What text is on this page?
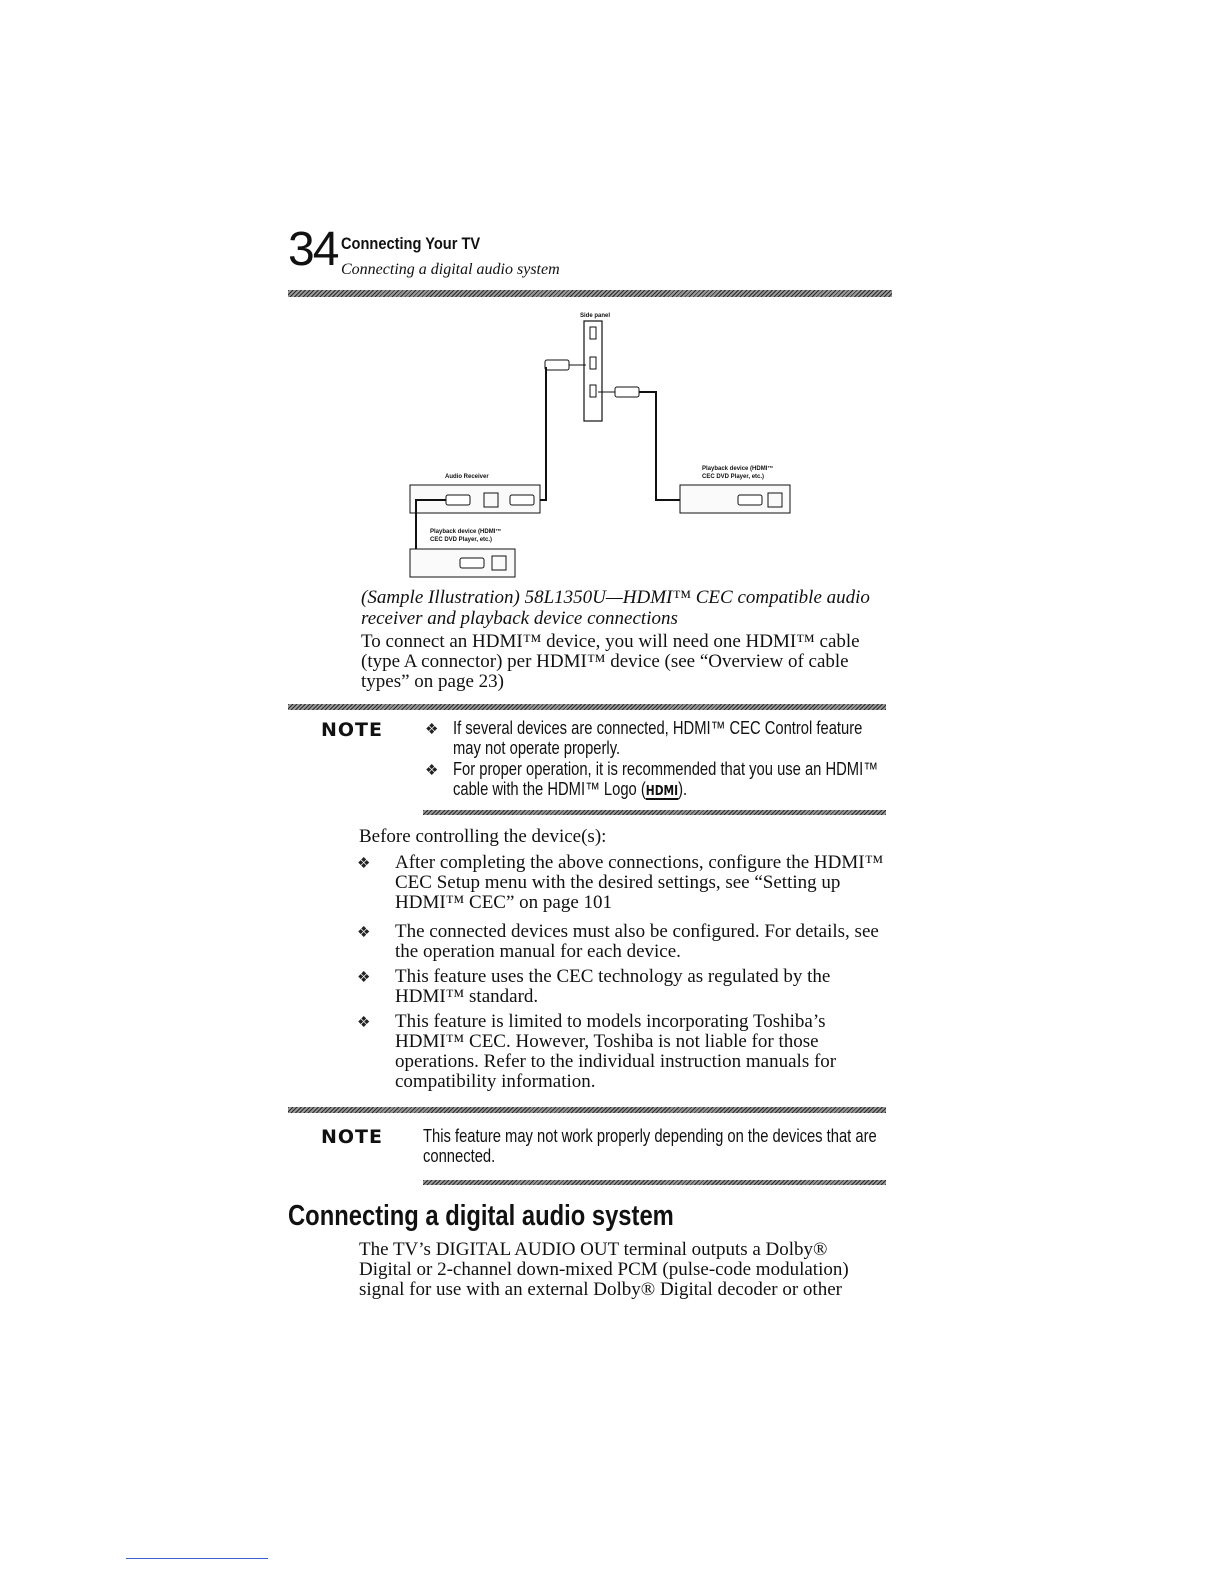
34 Connecting Your TV
Connecting a digital audio system
Side panel
Audio Receiver
Playback device (HDMI™
CEC DVD Player, etc.)
Playback device (HDMI™
CEC DVD Player, etc.)
(Sample Illustration) 58L1350U—HDMI™ CEC compatible audio receiver and playback device connections
To connect an HDMI™ device, you will need one HDMI™ cable (type A connector) per HDMI™ device (see “Overview of cable types” on page 23)
NOTE	❖ If several devices are connected, HDMI™ CEC Control feature may not operate properly.
❖ For proper operation, it is recommended that you use an HDMI™ cable with the HDMI™ Logo (HDMI).
Before controlling the device(s):
❖ After completing the above connections, configure the HDMI™ CEC Setup menu with the desired settings, see “Setting up HDMI™ CEC” on page 101
❖ The connected devices must also be configured. For details, see the operation manual for each device.
❖ This feature uses the CEC technology as regulated by the HDMI™ standard.
❖ This feature is limited to models incorporating Toshiba’s HDMI™ CEC. However, Toshiba is not liable for those operations. Refer to the individual instruction manuals for compatibility information.
NOTE This feature may not work properly depending on the devices that are connected.
Connecting a digital audio system
The TV’s DIGITAL AUDIO OUT terminal outputs a Dolby® Digital or 2-channel down-mixed PCM (pulse-code modulation) signal for use with an external Dolby® Digital decoder or other
